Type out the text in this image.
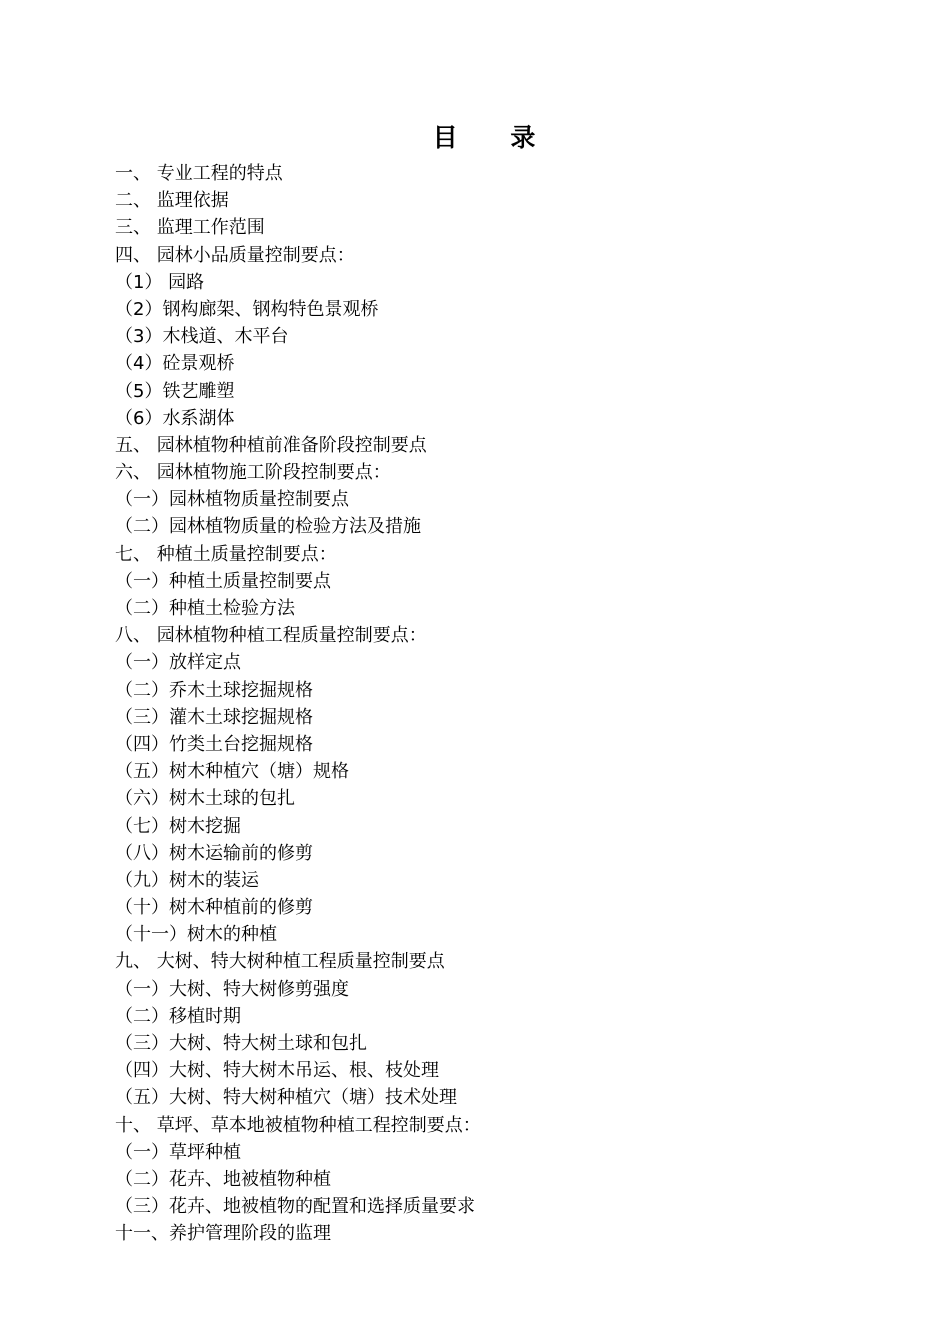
目 录
一、 专业工程的特点
二、 监理依据
三、 监理工作范围
四、 园林小品质量控制要点：
（1） 园路
（2）钢构廊架、钢构特色景观桥
（3）木栈道、木平台
（4）砼景观桥
（5）铁艺雕塑
（6）水系湖体
五、 园林植物种植前准备阶段控制要点
六、 园林植物施工阶段控制要点：
（一）园林植物质量控制要点
（二）园林植物质量的检验方法及措施
七、 种植土质量控制要点：
（一）种植土质量控制要点
（二）种植土检验方法
八、 园林植物种植工程质量控制要点：
（一）放样定点
（二）乔木土球挖掘规格
（三）灌木土球挖掘规格
（四）竹类土台挖掘规格
（五）树木种植穴（塘）规格
（六）树木土球的包扎
（七）树木挖掘
（八）树木运输前的修剪
（九）树木的装运
（十）树木种植前的修剪
（十一）树木的种植
九、 大树、特大树种植工程质量控制要点
（一）大树、特大树修剪强度
（二）移植时期
（三）大树、特大树土球和包扎
（四）大树、特大树木吊运、根、枝处理
（五）大树、特大树种植穴（塘）技术处理
十、 草坪、草本地被植物种植工程控制要点：
（一）草坪种植
（二）花卉、地被植物种植
（三）花卉、地被植物的配置和选择质量要求
十一、养护管理阶段的监理
